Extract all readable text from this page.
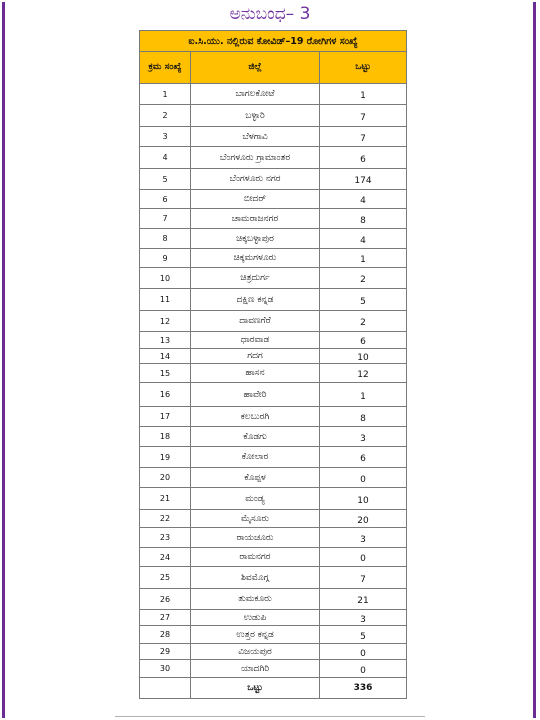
ಅನುಬಂಧ– 3
ಐ.ಸಿ.ಯು. ನಲ್ಲಿರುವ ಕೋವಿಡ್–19 ರೋಗಿಗಳ ಸಂಖ್ಯೆ		
ಕ್ರಮ ಸಂಖ್ಯೆ	ಜಿಲ್ಲೆ	ಒಟ್ಟು
1	ಬಾಗಲಕೋಟೆ	1
2	ಬಳ್ಳಾರಿ	7
3	ಬೆಳಗಾವಿ	7
4	ಬೆಂಗಳೂರು ಗ್ರಾಮಾಂತರ	6
5	ಬೆಂಗಳೂರು ನಗರ	174
6	ಬೀದರ್	4
7	ಚಾಮರಾಜನಗರ	8
8	ಚಿಕ್ಕಬಳ್ಳಾಪುರ	4
9	ಚಿಕ್ಕಮಗಳೂರು	1
10	ಚಿತ್ರದುರ್ಗ	2
11	ದಕ್ಷಿಣ ಕನ್ನಡ	5
12	ದಾವಣಗೆರೆ	2
13	ಧಾರವಾಡ	6
14	ಗದಗ	10
15	ಹಾಸನ	12
16	ಹಾವೇರಿ	1
17	ಕಲಬುರಗಿ	8
18	ಕೊಡಗು	3
19	ಕೋಲಾರ	6
20	ಕೊಪ್ಪಳ	0
21	ಮಂಡ್ಯ	10
22	ಮೈಸೂರು	20
23	ರಾಯಚೂರು	3
24	ರಾಮನಗರ	0
25	ಶಿವಮೊಗ್ಗ	7
26	ತುಮಕೂರು	21
27	ಉಡುಪಿ	3
28	ಉತ್ತರ ಕನ್ನಡ	5
29	ವಿಜಯಪುರ	0
30	ಯಾದಗಿರಿ	0
	ಒಟ್ಟು	336
